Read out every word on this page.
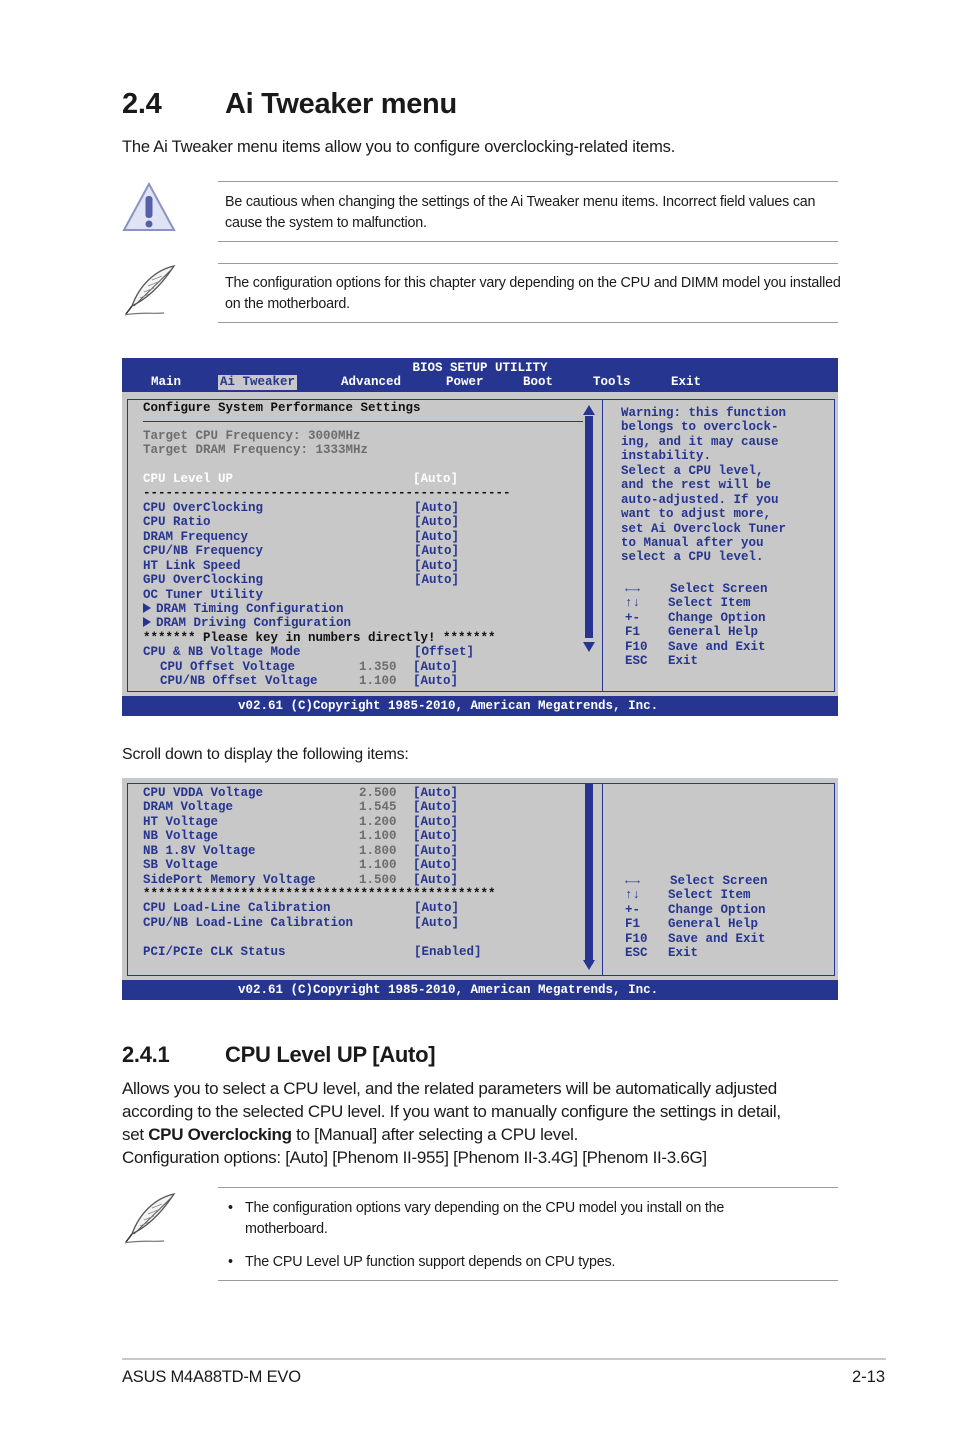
2.4 Ai Tweaker menu
The Ai Tweaker menu items allow you to configure overclocking-related items.
Be cautious when changing the settings of the Ai Tweaker menu items. Incorrect field values can cause the system to malfunction.
The configuration options for this chapter vary depending on the CPU and DIMM model you installed on the motherboard.
BIOS SETUP UTILITY
Main	Ai Tweaker	Advanced	Power	Boot	Tools	Exit
Configure System Performance Settings
Target CPU Frequency: 3000MHz
Target DRAM Frequency: 1333MHz
CPU Level UP	[Auto]
-------------------------------------------------
CPU OverClocking	[Auto]
CPU Ratio	[Auto]
DRAM Frequency	[Auto]
CPU/NB Frequency	[Auto]
HT Link Speed	[Auto]
GPU OverClocking	[Auto]
OC Tuner Utility
DRAM Timing Configuration
DRAM Driving Configuration
******* Please key in numbers directly! *******
CPU & NB Voltage Mode	[Offset]
CPU Offset Voltage	1.350 [Auto]
CPU/NB Offset Voltage	1.100 [Auto]
Warning: this function
belongs to overclock-
ing, and it may cause
instability.
Select a CPU level,
and the rest will be
auto-adjusted. If you
want to adjust more,
set Ai Overclock Tuner
to Manual after you
select a CPU level.
←→ Select Screen
↑↓ Select Item
+- Change Option
F1 General Help
F10 Save and Exit
ESC Exit
v02.61 (C)Copyright 1985-2010, American Megatrends, Inc.
Scroll down to display the following items:
CPU VDDA Voltage	2.500 [Auto]
DRAM Voltage	1.545 [Auto]
HT Voltage	1.200 [Auto]
NB Voltage	1.100 [Auto]
NB 1.8V Voltage	1.800 [Auto]
SB Voltage	1.100 [Auto]
SidePort Memory Voltage	1.500 [Auto]
***********************************************
CPU Load-Line Calibration	[Auto]
CPU/NB Load-Line Calibration	[Auto]
PCI/PCIe CLK Status	[Enabled]
←→ Select Screen
↑↓ Select Item
+- Change Option
F1 General Help
F10 Save and Exit
ESC Exit
v02.61 (C)Copyright 1985-2010, American Megatrends, Inc.
2.4.1	CPU Level UP [Auto]
Allows you to select a CPU level, and the related parameters will be automatically adjusted
according to the selected CPU level. If you want to manually configure the settings in detail,
set CPU Overclocking to [Manual] after selecting a CPU level.
Configuration options: [Auto] [Phenom II-955] [Phenom II-3.4G] [Phenom II-3.6G]
• The configuration options vary depending on the CPU model you install on the motherboard.
• The CPU Level UP function support depends on CPU types.
ASUS M4A88TD-M EVO	2-13
